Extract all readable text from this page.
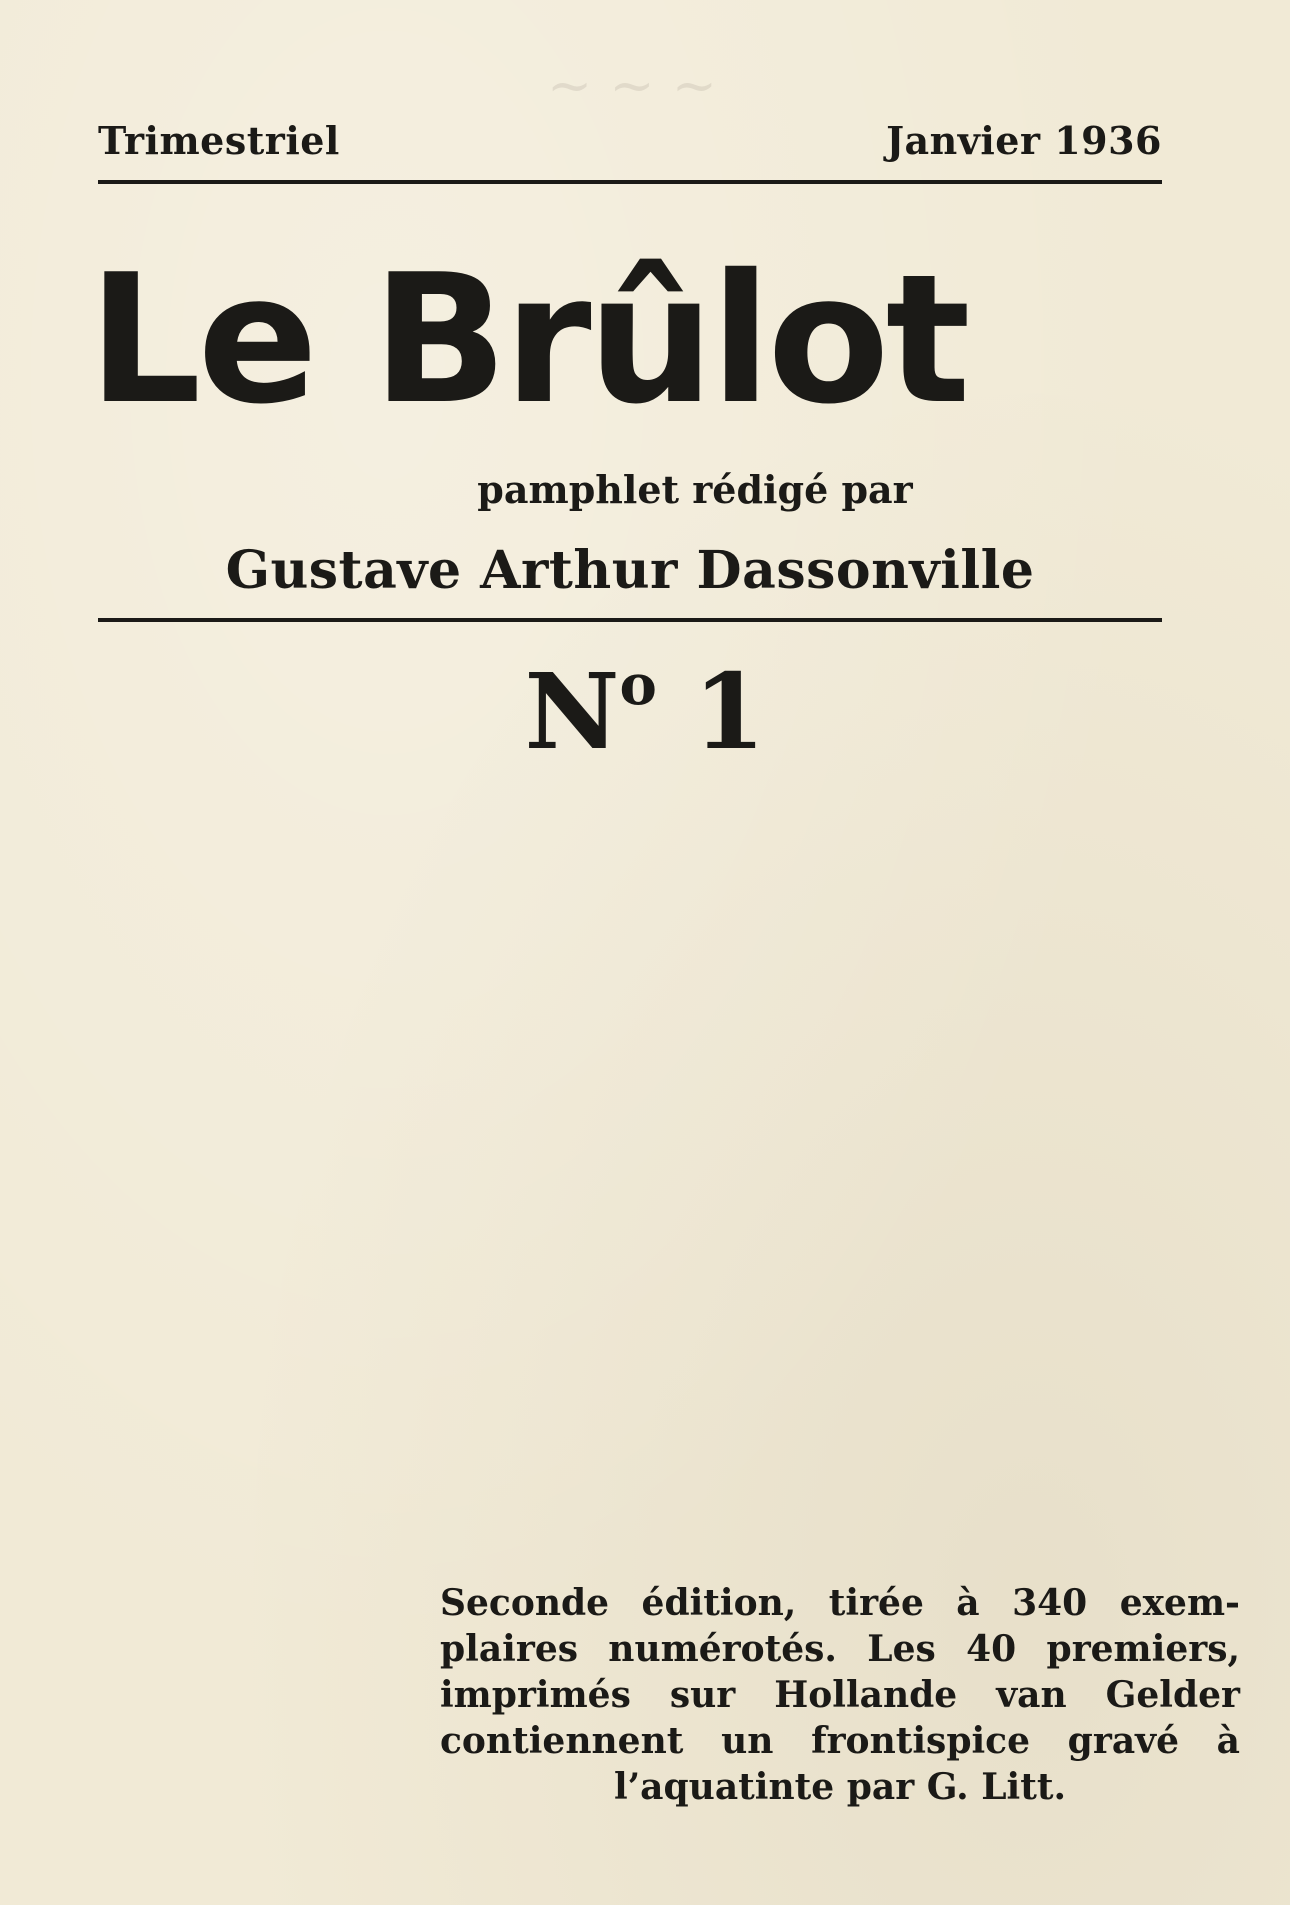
Trimestriel	Janvier 1936
Le Brûlot
pamphlet rédigé par
Gustave Arthur Dassonville
$N^o$ 1
Seconde édition, tirée à 340 exem-
plaires numérotés. Les 40 premiers,
imprimés sur Hollande van Gelder
contiennent un frontispice gravé à
l’aquatinte par G. Litt.
